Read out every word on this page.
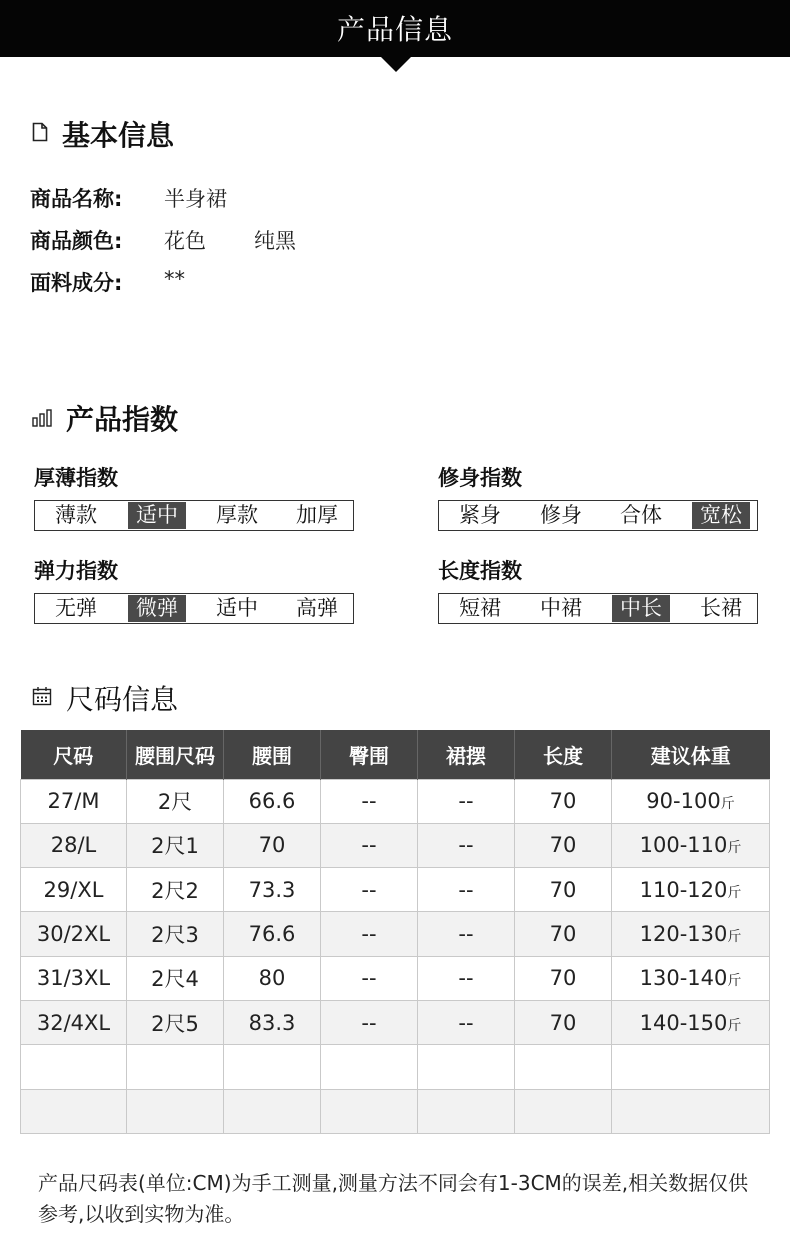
产品信息
基本信息
商品名称: 半身裙
商品颜色: 花色 纯黑
面料成分: **
产品指数
厚薄指数
薄款	适中	厚款	加厚
修身指数
紧身	修身	合体	宽松
弹力指数
无弹	微弹	适中	高弹
长度指数
短裙	中裙	中长	长裙
尺码信息
尺码	腰围尺码	腰围	臀围	裙摆	长度	建议体重
27/M	2尺	66.6	--	--	70	90-100斤
28/L	2尺1	70	--	--	70	100-110斤
29/XL	2尺2	73.3	--	--	70	110-120斤
30/2XL	2尺3	76.6	--	--	70	120-130斤
31/3XL	2尺4	80	--	--	70	130-140斤
32/4XL	2尺5	83.3	--	--	70	140-150斤

产品尺码表(单位:CM)为手工测量,测量方法不同会有1-3CM的误差,相关数据仅供参考,以收到实物为准。
